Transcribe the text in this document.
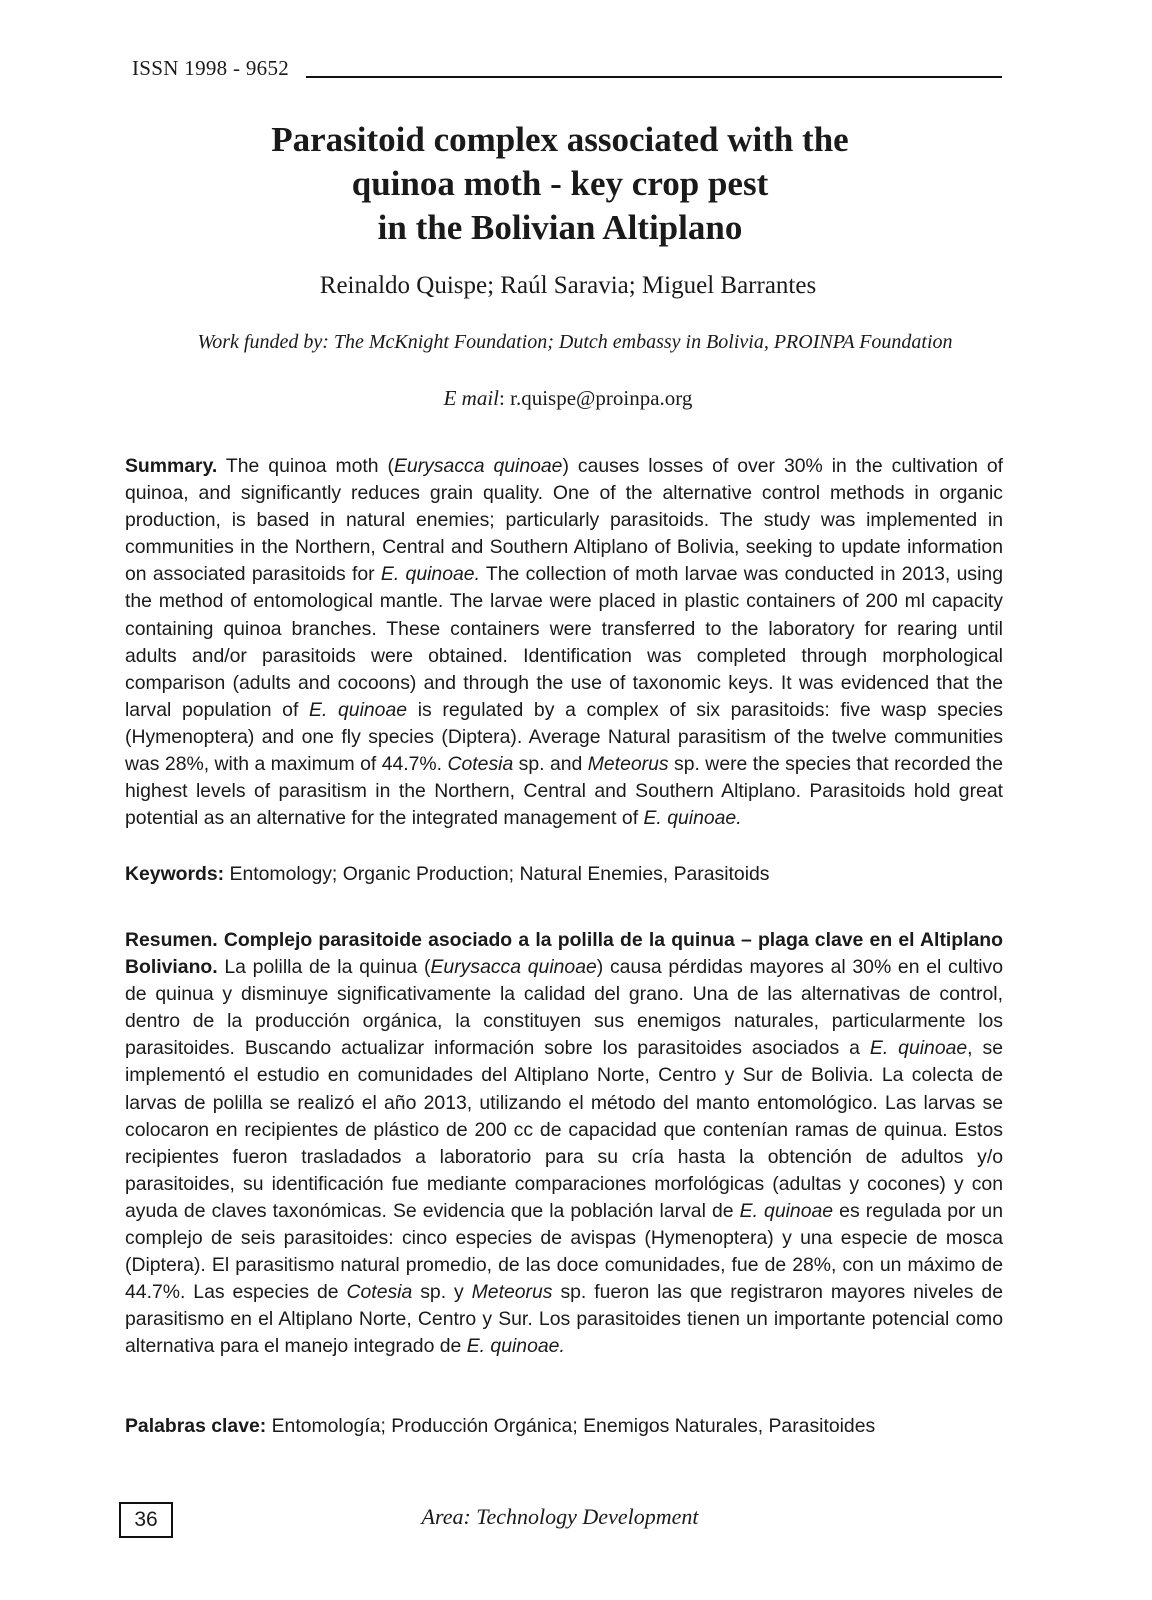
ISSN 1998 - 9652
Parasitoid complex associated with the
quinoa moth - key crop pest
in the Bolivian Altiplano
Reinaldo Quispe; Raúl Saravia; Miguel Barrantes
Work funded by: The McKnight Foundation; Dutch embassy in Bolivia, PROINPA Foundation
E mail: r.quispe@proinpa.org

Summary. The quinoa moth (Eurysacca quinoae) causes losses of over 30% in the cultivation of quinoa, and significantly reduces grain quality. One of the alternative control methods in organic production, is based in natural enemies; particularly parasitoids. The study was implemented in communities in the Northern, Central and Southern Altiplano of Bolivia, seeking to update information on associated parasitoids for E. quinoae. The collection of moth larvae was conducted in 2013, using the method of entomological mantle. The larvae were placed in plastic containers of 200 ml capacity containing quinoa branches. These containers were transferred to the laboratory for rearing until adults and/or parasitoids were obtained. Identification was completed through morphological comparison (adults and cocoons) and through the use of taxonomic keys. It was evidenced that the larval population of E. quinoae is regulated by a complex of six parasitoids: five wasp species (Hymenoptera) and one fly species (Diptera). Average Natural parasitism of the twelve communities was 28%, with a maximum of 44.7%. Cotesia sp. and Meteorus sp. were the species that recorded the highest levels of parasitism in the Northern, Central and Southern Altiplano. Parasitoids hold great potential as an alternative for the integrated management of E. quinoae.

Keywords: Entomology; Organic Production; Natural Enemies, Parasitoids

Resumen. Complejo parasitoide asociado a la polilla de la quinua – plaga clave en el Altiplano Boliviano. La polilla de la quinua (Eurysacca quinoae) causa pérdidas mayores al 30% en el cultivo de quinua y disminuye significativamente la calidad del grano. Una de las alternativas de control, dentro de la producción orgánica, la constituyen sus enemigos naturales, particularmente los parasitoides. Buscando actualizar información sobre los parasitoides asociados a E. quinoae, se implementó el estudio en comunidades del Altiplano Norte, Centro y Sur de Bolivia. La colecta de larvas de polilla se realizó el año 2013, utilizando el método del manto entomológico. Las larvas se colocaron en recipientes de plástico de 200 cc de capacidad que contenían ramas de quinua. Estos recipientes fueron trasladados a laboratorio para su cría hasta la obtención de adultos y/o parasitoides, su identificación fue mediante comparaciones morfológicas (adultas y cocones) y con ayuda de claves taxonómicas. Se evidencia que la población larval de E. quinoae es regulada por un complejo de seis parasitoides: cinco especies de avispas (Hymenoptera) y una especie de mosca (Diptera). El parasitismo natural promedio, de las doce comunidades, fue de 28%, con un máximo de 44.7%. Las especies de Cotesia sp. y Meteorus sp. fueron las que registraron mayores niveles de parasitismo en el Altiplano Norte, Centro y Sur. Los parasitoides tienen un importante potencial como alternativa para el manejo integrado de E. quinoae.

Palabras clave: Entomología; Producción Orgánica; Enemigos Naturales, Parasitoides

36	Area: Technology Development
